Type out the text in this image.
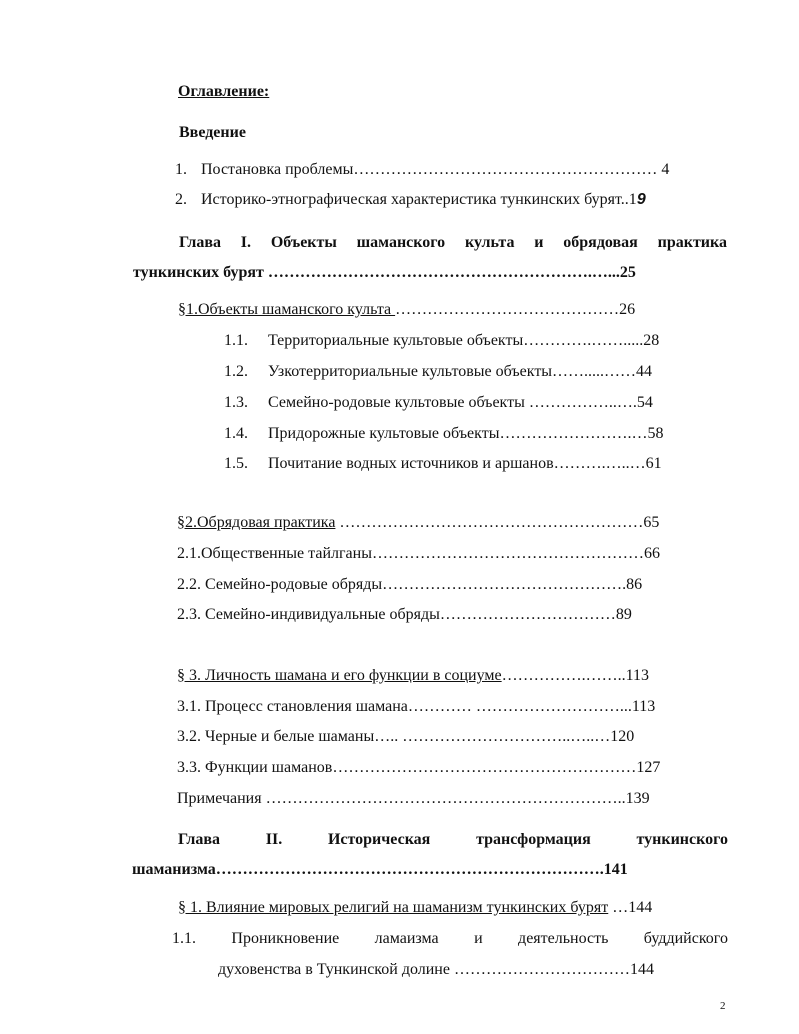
Оглавление:
Введение
1. Постановка проблемы………………………………………………… 4
2. Историко-этнографическая характеристика тункинских бурят..19
Глава I. Объекты шаманского культа и обрядовая практика
тункинских бурят …………………………………………………….…...25
§1.Объекты шаманского культа ……………………………………26
1.1. Территориальные культовые объекты………….…….....28
1.2. Узкотерриториальные культовые объекты…….....……44
1.3. Семейно-родовые культовые объекты ……………..….54
1.4. Придорожные культовые объекты…………………….…58
1.5. Почитание водных источников и аршанов……….…..…61
§2.Обрядовая практика …………………………………………………65
2.1.Общественные тайлганы……………………………………………66
2.2. Семейно-родовые обряды……………………………………….86
2.3. Семейно-индивидуальные обряды……………………………89
§ 3. Личность шамана и его функции в социуме…………….……..113
3.1. Процесс становления шамана………… ………………………...113
3.2. Черные и белые шаманы….. …………………………..…..…120
3.3. Функции шаманов…………………………………………………127
Примечания …………………………………………………………..139
Глава	II.	Историческая	трансформация	тункинского
шаманизма……………………………………………………………….141
§ 1. Влияние мировых религий на шаманизм тункинских бурят …144
1.1. Проникновение ламаизма и деятельность буддийского
духовенства в Тункинской долине ……………………………144
2
